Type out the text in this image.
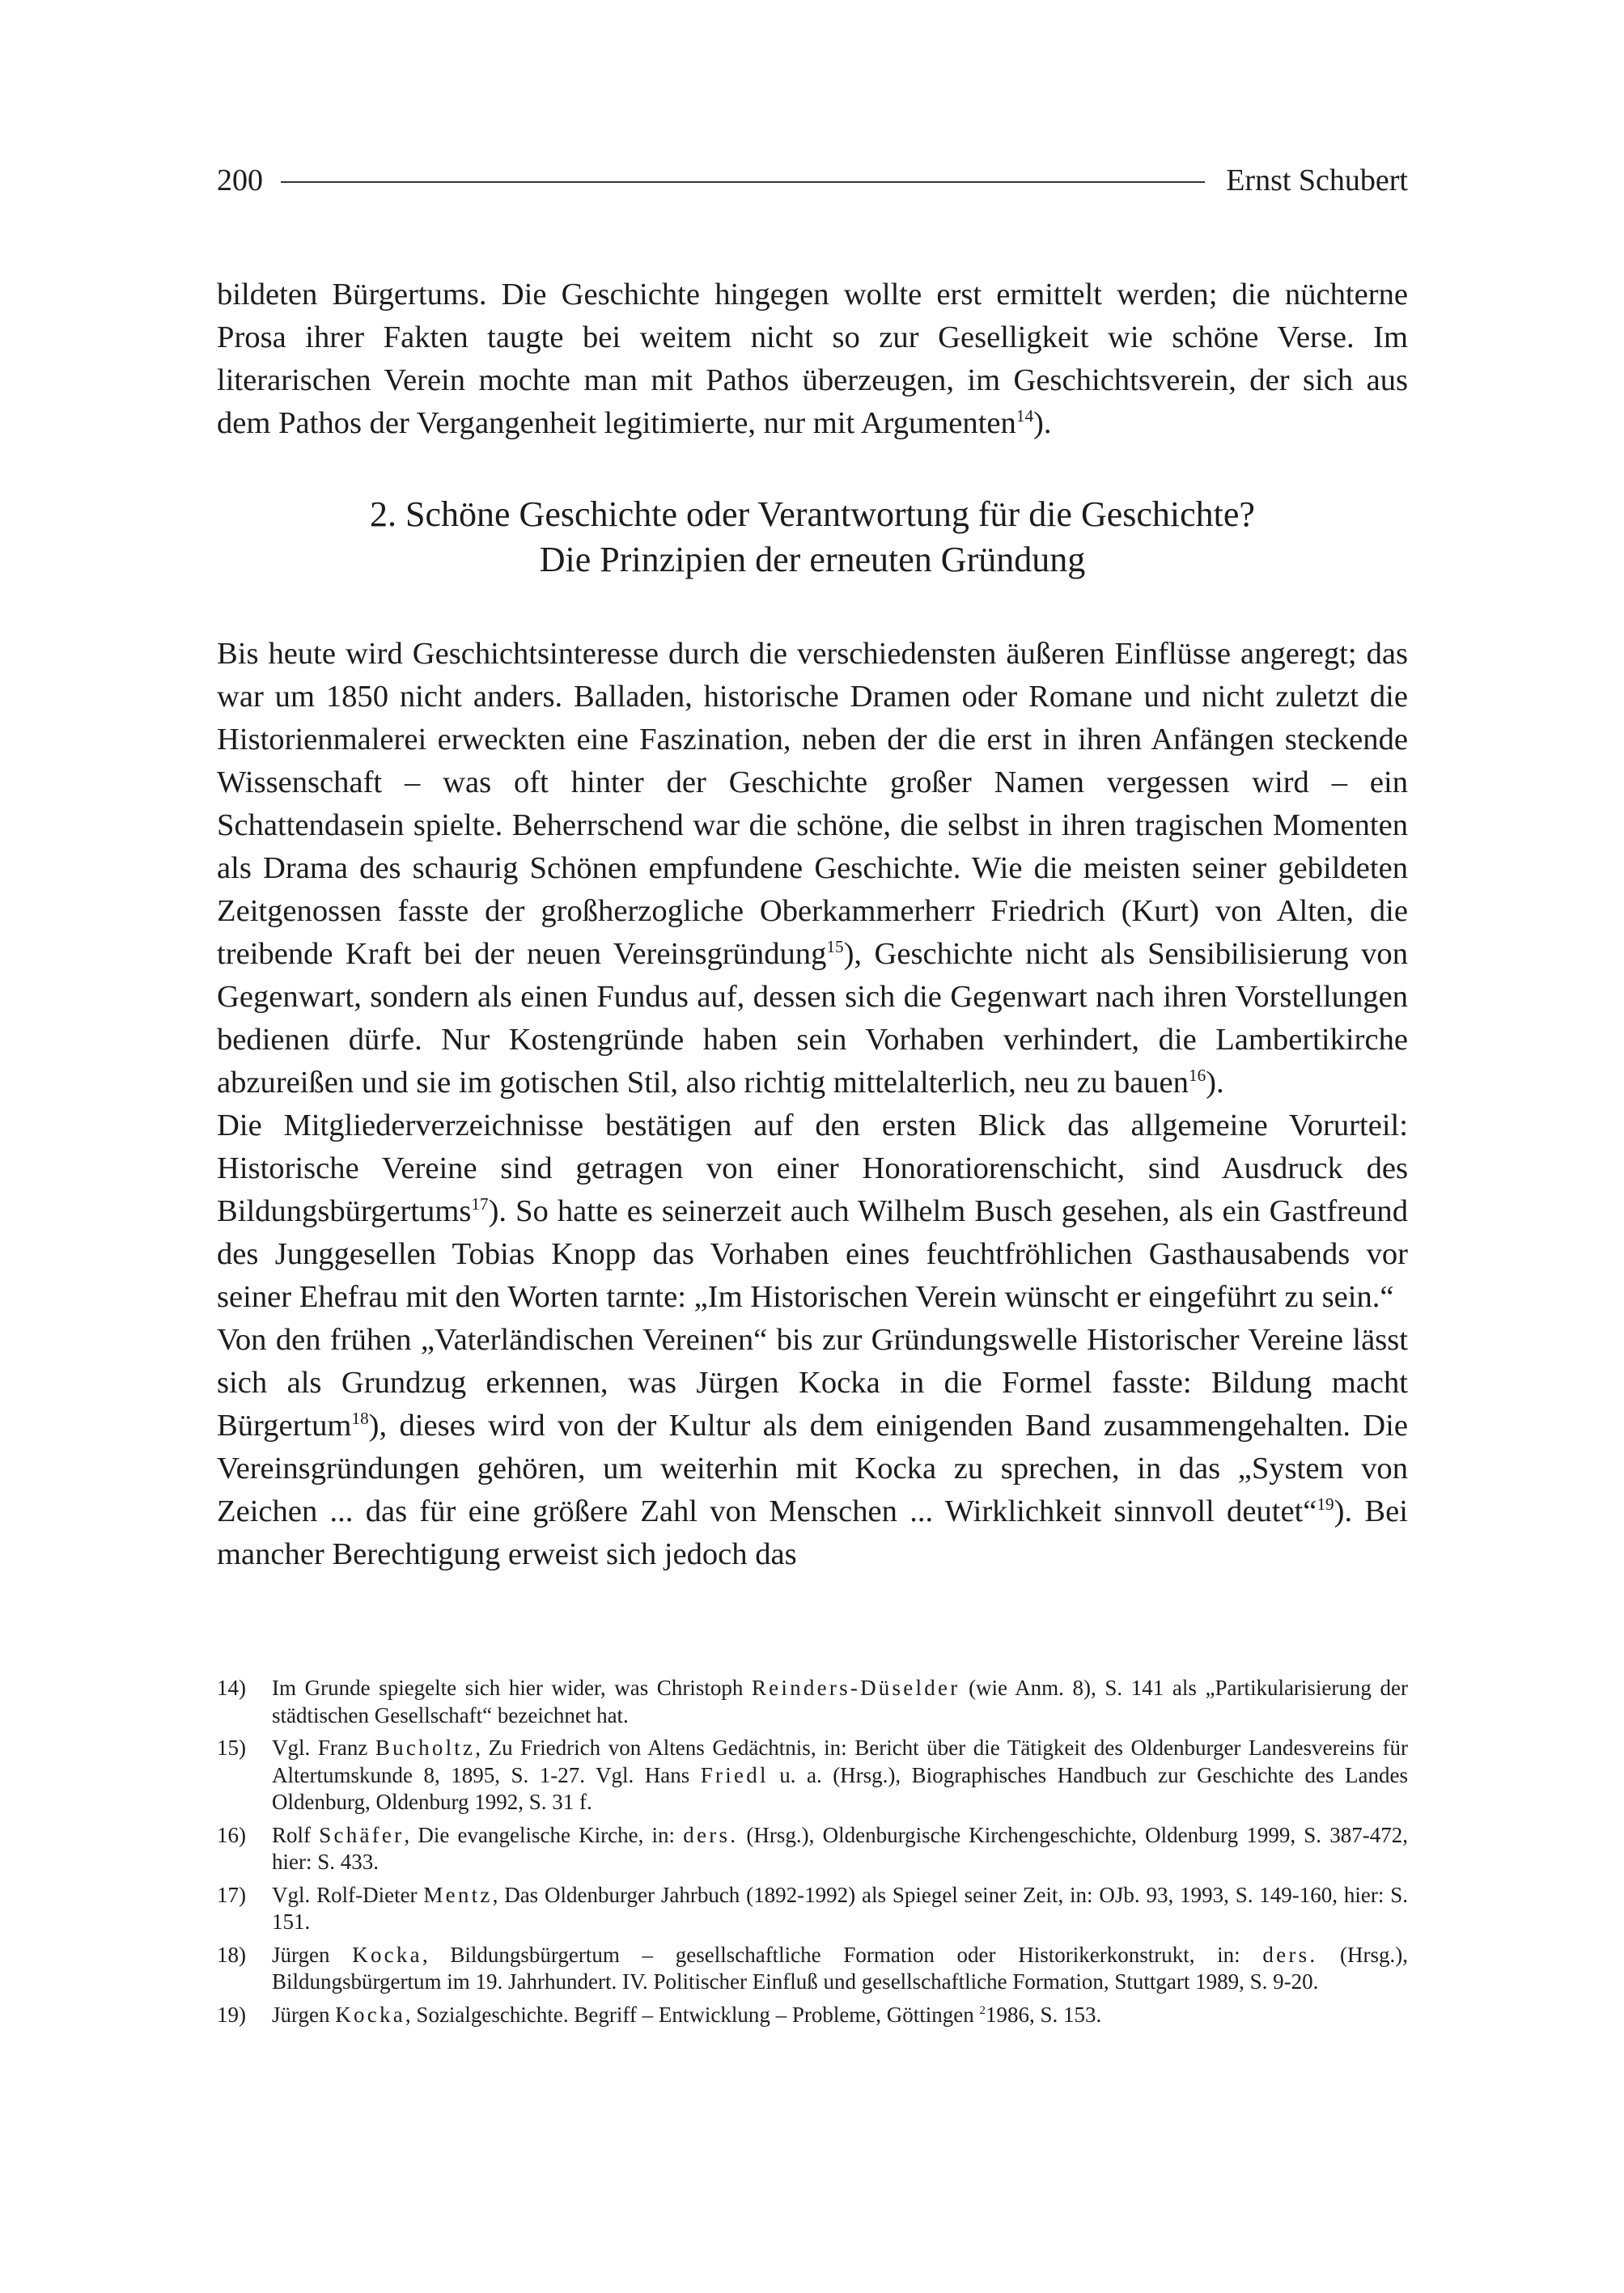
200	Ernst Schubert

bildeten Bürgertums. Die Geschichte hingegen wollte erst ermittelt werden; die nüchterne Prosa ihrer Fakten taugte bei weitem nicht so zur Geselligkeit wie schöne Verse. Im literarischen Verein mochte man mit Pathos überzeugen, im Geschichtsverein, der sich aus dem Pathos der Vergangenheit legitimierte, nur mit Argumenten$^{14}$).

2. Schöne Geschichte oder Verantwortung für die Geschichte?
Die Prinzipien der erneuten Gründung

Bis heute wird Geschichtsinteresse durch die verschiedensten äußeren Einflüsse angeregt; das war um 1850 nicht anders. Balladen, historische Dramen oder Romane und nicht zuletzt die Historienmalerei erweckten eine Faszination, neben der die erst in ihren Anfängen steckende Wissenschaft – was oft hinter der Geschichte großer Namen vergessen wird – ein Schattendasein spielte. Beherrschend war die schöne, die selbst in ihren tragischen Momenten als Drama des schaurig Schönen empfundene Geschichte. Wie die meisten seiner gebildeten Zeitgenossen fasste der großherzogliche Oberkammerherr Friedrich (Kurt) von Alten, die treibende Kraft bei der neuen Vereinsgründung$^{15}$), Geschichte nicht als Sensibilisierung von Gegenwart, sondern als einen Fundus auf, dessen sich die Gegenwart nach ihren Vorstellungen bedienen dürfe. Nur Kostengründe haben sein Vorhaben verhindert, die Lambertikirche abzureißen und sie im gotischen Stil, also richtig mittelalterlich, neu zu bauen$^{16}$).

Die Mitgliederverzeichnisse bestätigen auf den ersten Blick das allgemeine Vorurteil: Historische Vereine sind getragen von einer Honoratiorenschicht, sind Ausdruck des Bildungsbürgertums$^{17}$). So hatte es seinerzeit auch Wilhelm Busch gesehen, als ein Gastfreund des Junggesellen Tobias Knopp das Vorhaben eines feuchtfröhlichen Gasthausabends vor seiner Ehefrau mit den Worten tarnte: „Im Historischen Verein wünscht er eingeführt zu sein.“

Von den frühen „Vaterländischen Vereinen“ bis zur Gründungswelle Historischer Vereine lässt sich als Grundzug erkennen, was Jürgen Kocka in die Formel fasste: Bildung macht Bürgertum$^{18}$), dieses wird von der Kultur als dem einigenden Band zusammengehalten. Die Vereinsgründungen gehören, um weiterhin mit Kocka zu sprechen, in das „System von Zeichen ... das für eine größere Zahl von Menschen ... Wirklichkeit sinnvoll deutet“$^{19}$). Bei mancher Berechtigung erweist sich jedoch das

14)	Im Grunde spiegelte sich hier wider, was Christoph Reinders-Düselder (wie Anm. 8), S. 141 als „Partikularisierung der städtischen Gesellschaft“ bezeichnet hat.
15)	Vgl. Franz Bucholtz, Zu Friedrich von Altens Gedächtnis, in: Bericht über die Tätigkeit des Oldenburger Landesvereins für Altertumskunde 8, 1895, S. 1-27. Vgl. Hans Friedl u. a. (Hrsg.), Biographisches Handbuch zur Geschichte des Landes Oldenburg, Oldenburg 1992, S. 31 f.
16)	Rolf Schäfer, Die evangelische Kirche, in: ders. (Hrsg.), Oldenburgische Kirchengeschichte, Oldenburg 1999, S. 387-472, hier: S. 433.
17)	Vgl. Rolf-Dieter Mentz, Das Oldenburger Jahrbuch (1892-1992) als Spiegel seiner Zeit, in: OJb. 93, 1993, S. 149-160, hier: S. 151.
18)	Jürgen Kocka, Bildungsbürgertum – gesellschaftliche Formation oder Historikerkonstrukt, in: ders. (Hrsg.), Bildungsbürgertum im 19. Jahrhundert. IV. Politischer Einfluß und gesellschaftliche Formation, Stuttgart 1989, S. 9-20.
19)	Jürgen Kocka, Sozialgeschichte. Begriff – Entwicklung – Probleme, Göttingen $^2$1986, S. 153.
